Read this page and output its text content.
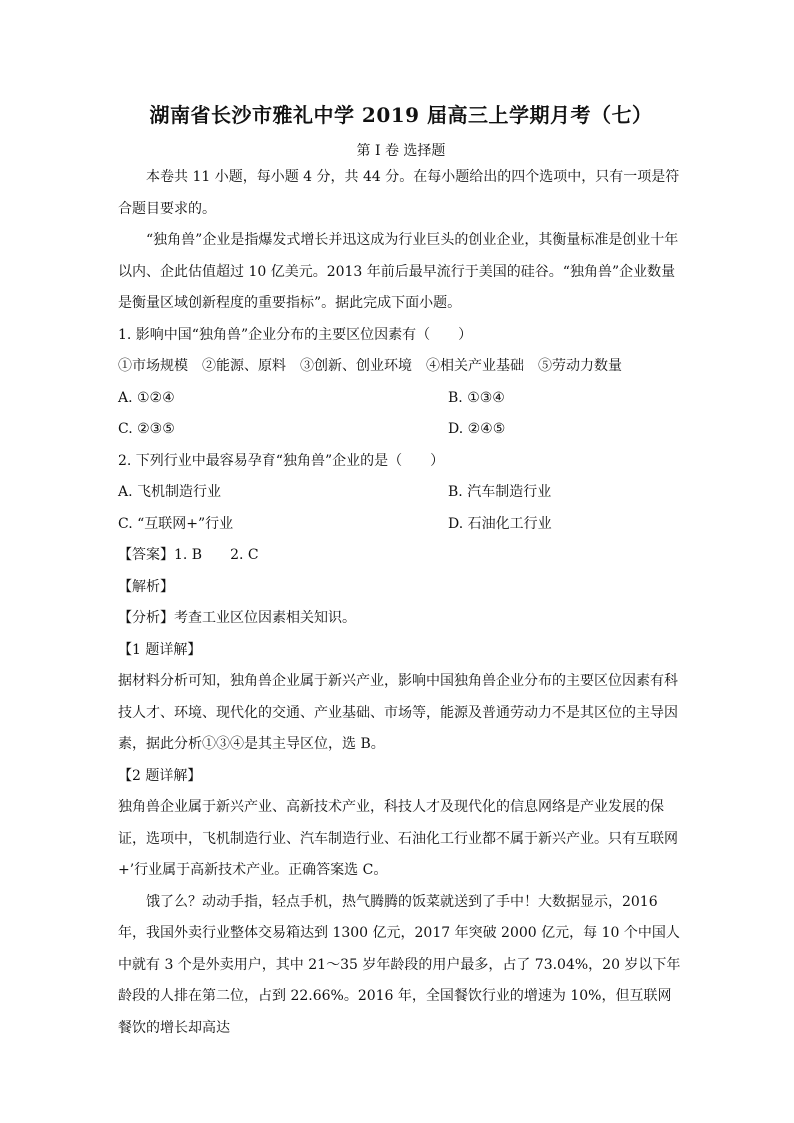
湖南省长沙市雅礼中学 2019 届高三上学期月考（七）
第 I 卷 选择题

本卷共 11 小题，每小题 4 分，共 44 分。在每小题给出的四个选项中，只有一项是符合题目要求的。

“独角兽”企业是指爆发式增长并迅这成为行业巨头的创业企业，其衡量标准是创业十年以内、企此估值超过 10 亿美元。2013 年前后最早流行于美国的硅谷。“独角兽”企业数量是衡量区域创新程度的重要指标”。据此完成下面小题。

1. 影响中国“独角兽”企业分布的主要区位因素有（　　）

①市场规模　②能源、原料　③创新、创业环境　④相关产业基础　⑤劳动力数量

A. ①②④	B. ①③④
C. ②③⑤	D. ②④⑤

2. 下列行业中最容易孕育“独角兽”企业的是（　　）

A. 飞机制造行业	B. 汽车制造行业
C. “互联网+”行业	D. 石油化工行业

【答案】1. B　　2. C

【解析】

【分析】考查工业区位因素相关知识。

【1 题详解】

据材料分析可知，独角兽企业属于新兴产业，影响中国独角兽企业分布的主要区位因素有科技人才、环境、现代化的交通、产业基础、市场等，能源及普通劳动力不是其区位的主导因素，据此分析①③④是其主导区位，选 B。

【2 题详解】

独角兽企业属于新兴产业、高新技术产业，科技人才及现代化的信息网络是产业发展的保证，选项中，飞机制造行业、汽车制造行业、石油化工行业都不属于新兴产业。只有互联网+’行业属于高新技术产业。正确答案选 C。

饿了么？动动手指，轻点手机，热气腾腾的饭菜就送到了手中！大数据显示，2016 年，我国外卖行业整体交易箱达到 1300 亿元，2017 年突破 2000 亿元，每 10 个中国人中就有 3 个是外卖用户，其中 21～35 岁年龄段的用户最多，占了 73.04%，20 岁以下年龄段的人排在第二位，占到 22.66%。2016 年，全国餐饮行业的增速为 10%，但互联网餐饮的增长却高达
